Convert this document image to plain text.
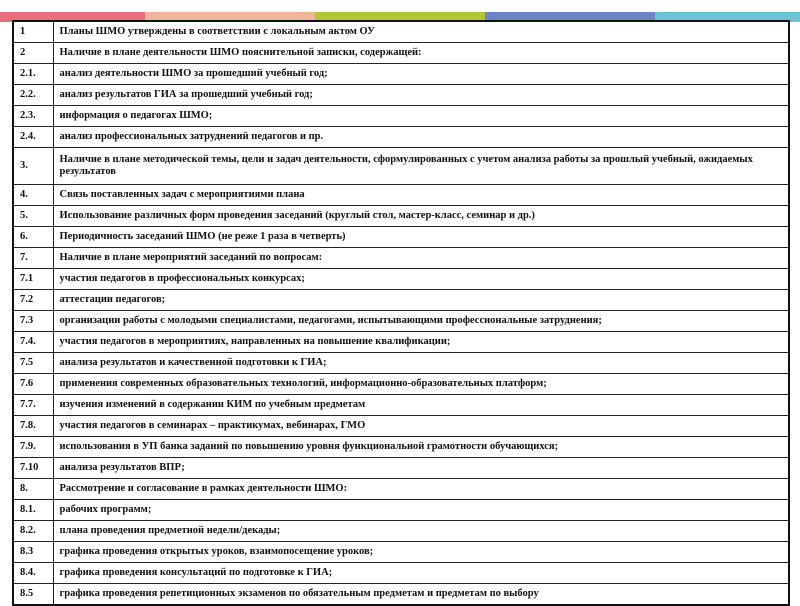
1	Планы ШМО утверждены в соответствии с локальным актом ОУ
2	Наличие в плане деятельности ШМО пояснительной записки, содержащей:
2.1.	анализ деятельности ШМО за прошедший учебный год;
2.2.	анализ результатов ГИА за прошедший учебный год;
2.3.	информация о педагогах ШМО;
2.4.	анализ профессиональных затруднений педагогов и пр.
3.	Наличие в плане методической темы, цели и задач деятельности, сформулированных с учетом анализа работы за прошлый учебный, ожидаемых результатов
4.	Связь поставленных задач с мероприятиями плана
5.	Использование различных форм проведения заседаний (круглый стол, мастер-класс, семинар и др.)
6.	Периодичность заседаний ШМО (не реже 1 раза в четверть)
7.	Наличие в плане мероприятий заседаний по вопросам:
7.1	участия педагогов в профессиональных конкурсах;
7.2	аттестации педагогов;
7.3	организации работы с молодыми специалистами, педагогами, испытывающими профессиональные затруднения;
7.4.	участия педагогов в мероприятиях, направленных на повышение квалификации;
7.5	анализа результатов и качественной подготовки к ГИА;
7.6	применения современных образовательных технологий, информационно-образовательных платформ;
7.7.	изучения изменений в содержании КИМ по учебным предметам
7.8.	участия педагогов в семинарах – практикумах, вебинарах, ГМО
7.9.	использования в УП банка заданий по повышению уровня функциональной грамотности обучающихся;
7.10	анализа результатов ВПР;
8.	Рассмотрение и согласование в рамках деятельности ШМО:
8.1.	рабочих программ;
8.2.	плана проведения предметной недели/декады;
8.3	графика проведения открытых уроков, взаимопосещение уроков;
8.4.	графика проведения консультаций по подготовке к ГИА;
8.5	графика проведения репетиционных экзаменов по обязательным предметам и предметам по выбору
